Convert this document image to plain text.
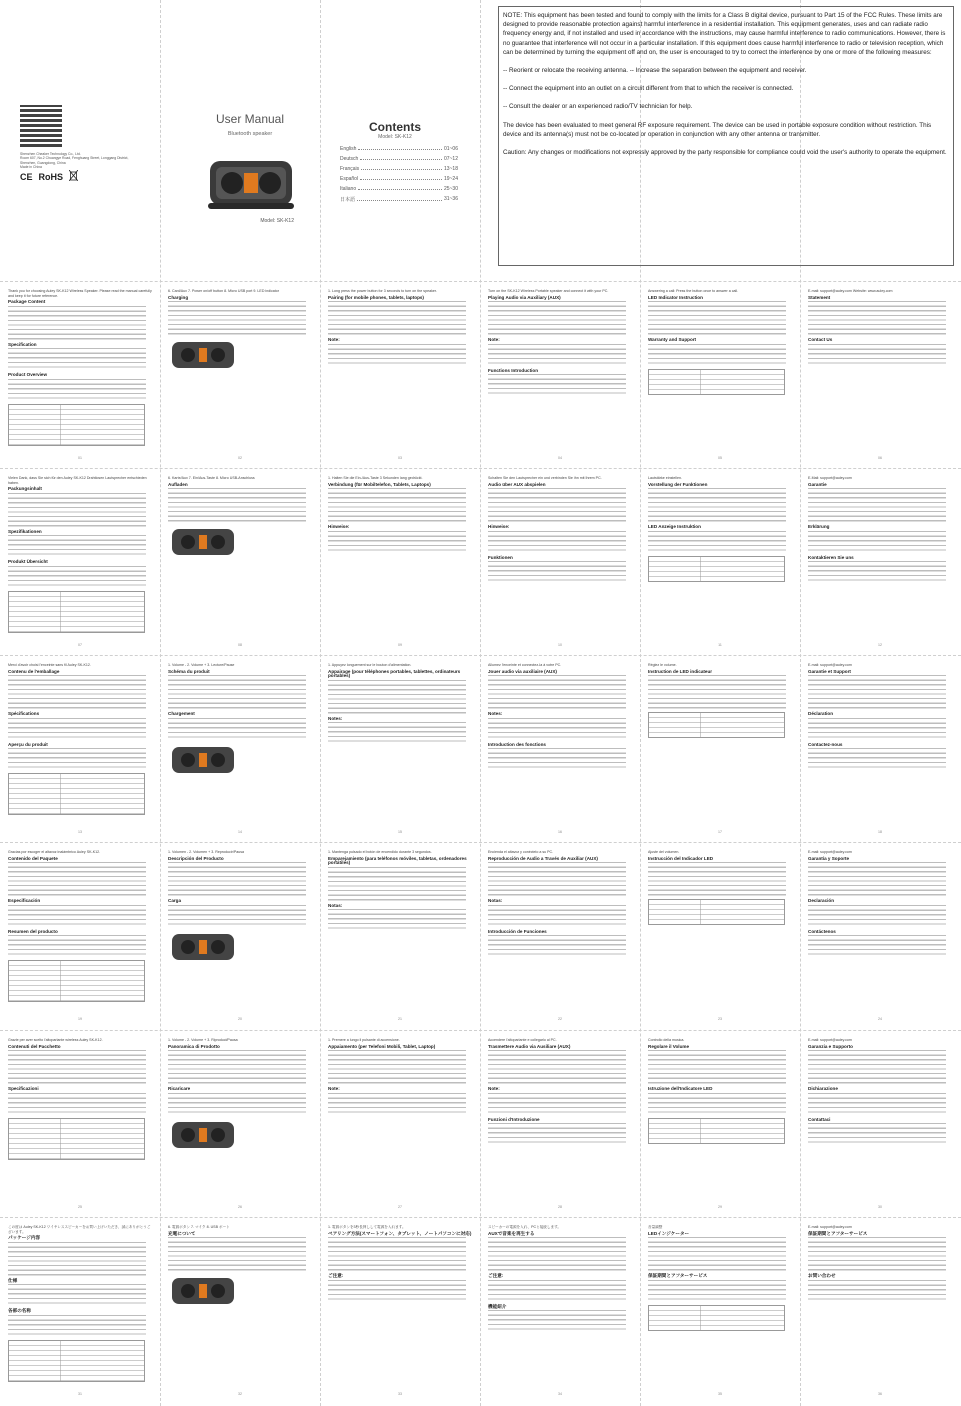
Shenzhen Cheaker Technology Co., Ltd.
Room 607, No.2 Chuangye Road, Fenghuang Street, Longgang District, Shenzhen, Guangdong, China
Made in China
CE RoHS
User Manual
Bluetooth speaker
Model: SK-K12
Contents
Model: SK-K12
English	01~06
Deutsch	07~12
Français	13~18
Español	19~24
Italiano	25~30
日本語	31~36

NOTE: This equipment has been tested and found to comply with the limits for a Class B digital device, pursuant to Part 15 of the FCC Rules. These limits are designed to provide reasonable protection against harmful interference in a residential installation. This equipment generates, uses and can radiate radio frequency energy and, if not installed and used in accordance with the instructions, may cause harmful interference to radio communications. However, there is no guarantee that interference will not occur in a particular installation. If this equipment does cause harmful interference to radio or television reception, which can be determined by turning the equipment off and on, the user is encouraged to try to correct the interference by one or more of the following measures:

-- Reorient or relocate the receiving antenna. -- Increase the separation between the equipment and receiver.

-- Connect the equipment into an outlet on a circuit different from that to which the receiver is connected.

-- Consult the dealer or an experienced radio/TV technician for help.

The device has been evaluated to meet general RF exposure requirement. The device can be used in portable exposure condition without restriction. This device and its antenna(s) must not be co-located or operation in conjunction with any other antenna or transmitter.

Caution: Any changes or modifications not expressly approved by the party responsible for compliance could void the user's authority to operate the equipment.

Thank you for choosing Auley SK-K12 Wireless Speaker. Please read the manual carefully and keep it for future reference.

Package Content
Specification
Product Overview
01

6. Card/Aux 7. Power on/off button 8. Micro USB port 9. LED indicator

Charging
02

1. Long press the power button for 3 seconds to turn on the speaker.

Pairing (for mobile phones, tablets, laptops)
Note:
03

Turn on the SK-K12 Wireless Portable speaker and connect it with your PC.

Playing Audio via Auxiliary (AUX)
Note:
Functions Introduction
04

Answering a call: Press the button once to answer a call.

LED Indicator Instruction
Warranty and Support
05

E-mail: support@auley.com Website: www.auley.com

Statement
Contact Us
06

Vielen Dank, dass Sie sich für den Auley SK-K12 Drahtlosen Lautsprecher entschieden haben.

Packungsinhalt
Spezifikationen
Produkt Übersicht
07

6. Karte/Aux 7. Ein/Aus-Taste 8. Micro USB-Anschluss

Aufladen
08

1. Halten Sie die Ein-/Aus-Taste 3 Sekunden lang gedrückt.

Verbindung (für Mobiltelefon, Tablets, Laptops)
Hinweise:
09

Schalten Sie den Lautsprecher ein und verbinden Sie ihn mit Ihrem PC.

Audio über AUX abspielen
Hinweise:
Funktionen
10

Lautstärke einstellen.

Vorstellung der Funktionen
LED Anzeige Instruktion
11

E-Mail: support@auley.com

Garantie
Erklärung
Kontaktieren Sie uns
12

Merci d'avoir choisi l'enceinte sans fil Auley SK-K12.

Contenu de l'emballage
Spécifications
Aperçu du produit
13

1. Volume - 2. Volume + 3. Lecture/Pause

Schéma du produit
Chargement
14

1. Appuyez longuement sur le bouton d'alimentation.

Appairage (pour téléphones portables, tablettes, ordinateurs portables)
Notes:
15

Allumez l'enceinte et connectez-la à votre PC.

Jouer audio via auxiliaire (AUX)
Notes:
Introduction des fonctions
16

Réglez le volume.

Instruction de LED indicateur
17

E-mail: support@auley.com

Garantie et Support
Déclaration
Contactez-nous
18

Gracias por escoger el altavoz inalámbrico Auley SK-K12.

Contenido del Paquete
Especificación
Resumen del producto
19

1. Volumen - 2. Volumen + 3. Reproducir/Pausa

Descripción del Producto
Carga
20

1. Mantenga pulsado el botón de encendido durante 3 segundos.

Emparejamiento (para teléfonos móviles, tabletas, ordenadores portátiles)
Notas:
21

Encienda el altavoz y conéctelo a su PC.

Reproducción de Audio a Través de Auxiliar (AUX)
Notas:
Introducción de Funciones
22

Ajuste del volumen.

Instrucción del Indicador LED
23

E-mail: support@auley.com

Garantía y Soporte
Declaración
Contáctenos
24

Grazie per aver scelto l'altoparlante wireless Auley SK-K12.

Contenuti del Pacchetto
Specificazioni
25

1. Volume - 2. Volume + 3. Riproduci/Pausa

Panoramica di Prodotto
Ricaricare
26

1. Premere a lungo il pulsante di accensione.

Appaiamento (per Telefoni Mobili, Tablet, Laptop)
Note:
27

Accendere l'altoparlante e collegarlo al PC.

Trasmettere Audio via Ausiliare (AUX)
Note:
Funzioni d'Introduzione
28

Controllo della musica.

Regolare il Volume
Istruzione dell'Indicatore LED
29

E-mail: support@auley.com

Garanzia e Supporto
Dichiarazione
Contattaci
30

この度は Auley SK-K12 ワイヤレススピーカーをお買い上げいただき、誠にありがとうございます。

パッケージ内容
仕様
各部の名称
31

6. 電源ボタン 7. マイク 8. USB ポート

充電について
32

1. 電源ボタンを3秒長押しして電源を入れます。

ペアリング方法(スマートフォン、タブレット、ノートパソコンに対応)
ご注意:
33

スピーカーの電源を入れ、PCと接続します。

AUXで音楽を再生する
ご注意:
機能紹介
34

音量調整

LEDインジケーター
保証期間とアフターサービス
35

E-mail: support@auley.com

保証期間とアフターサービス
お問い合わせ
36
